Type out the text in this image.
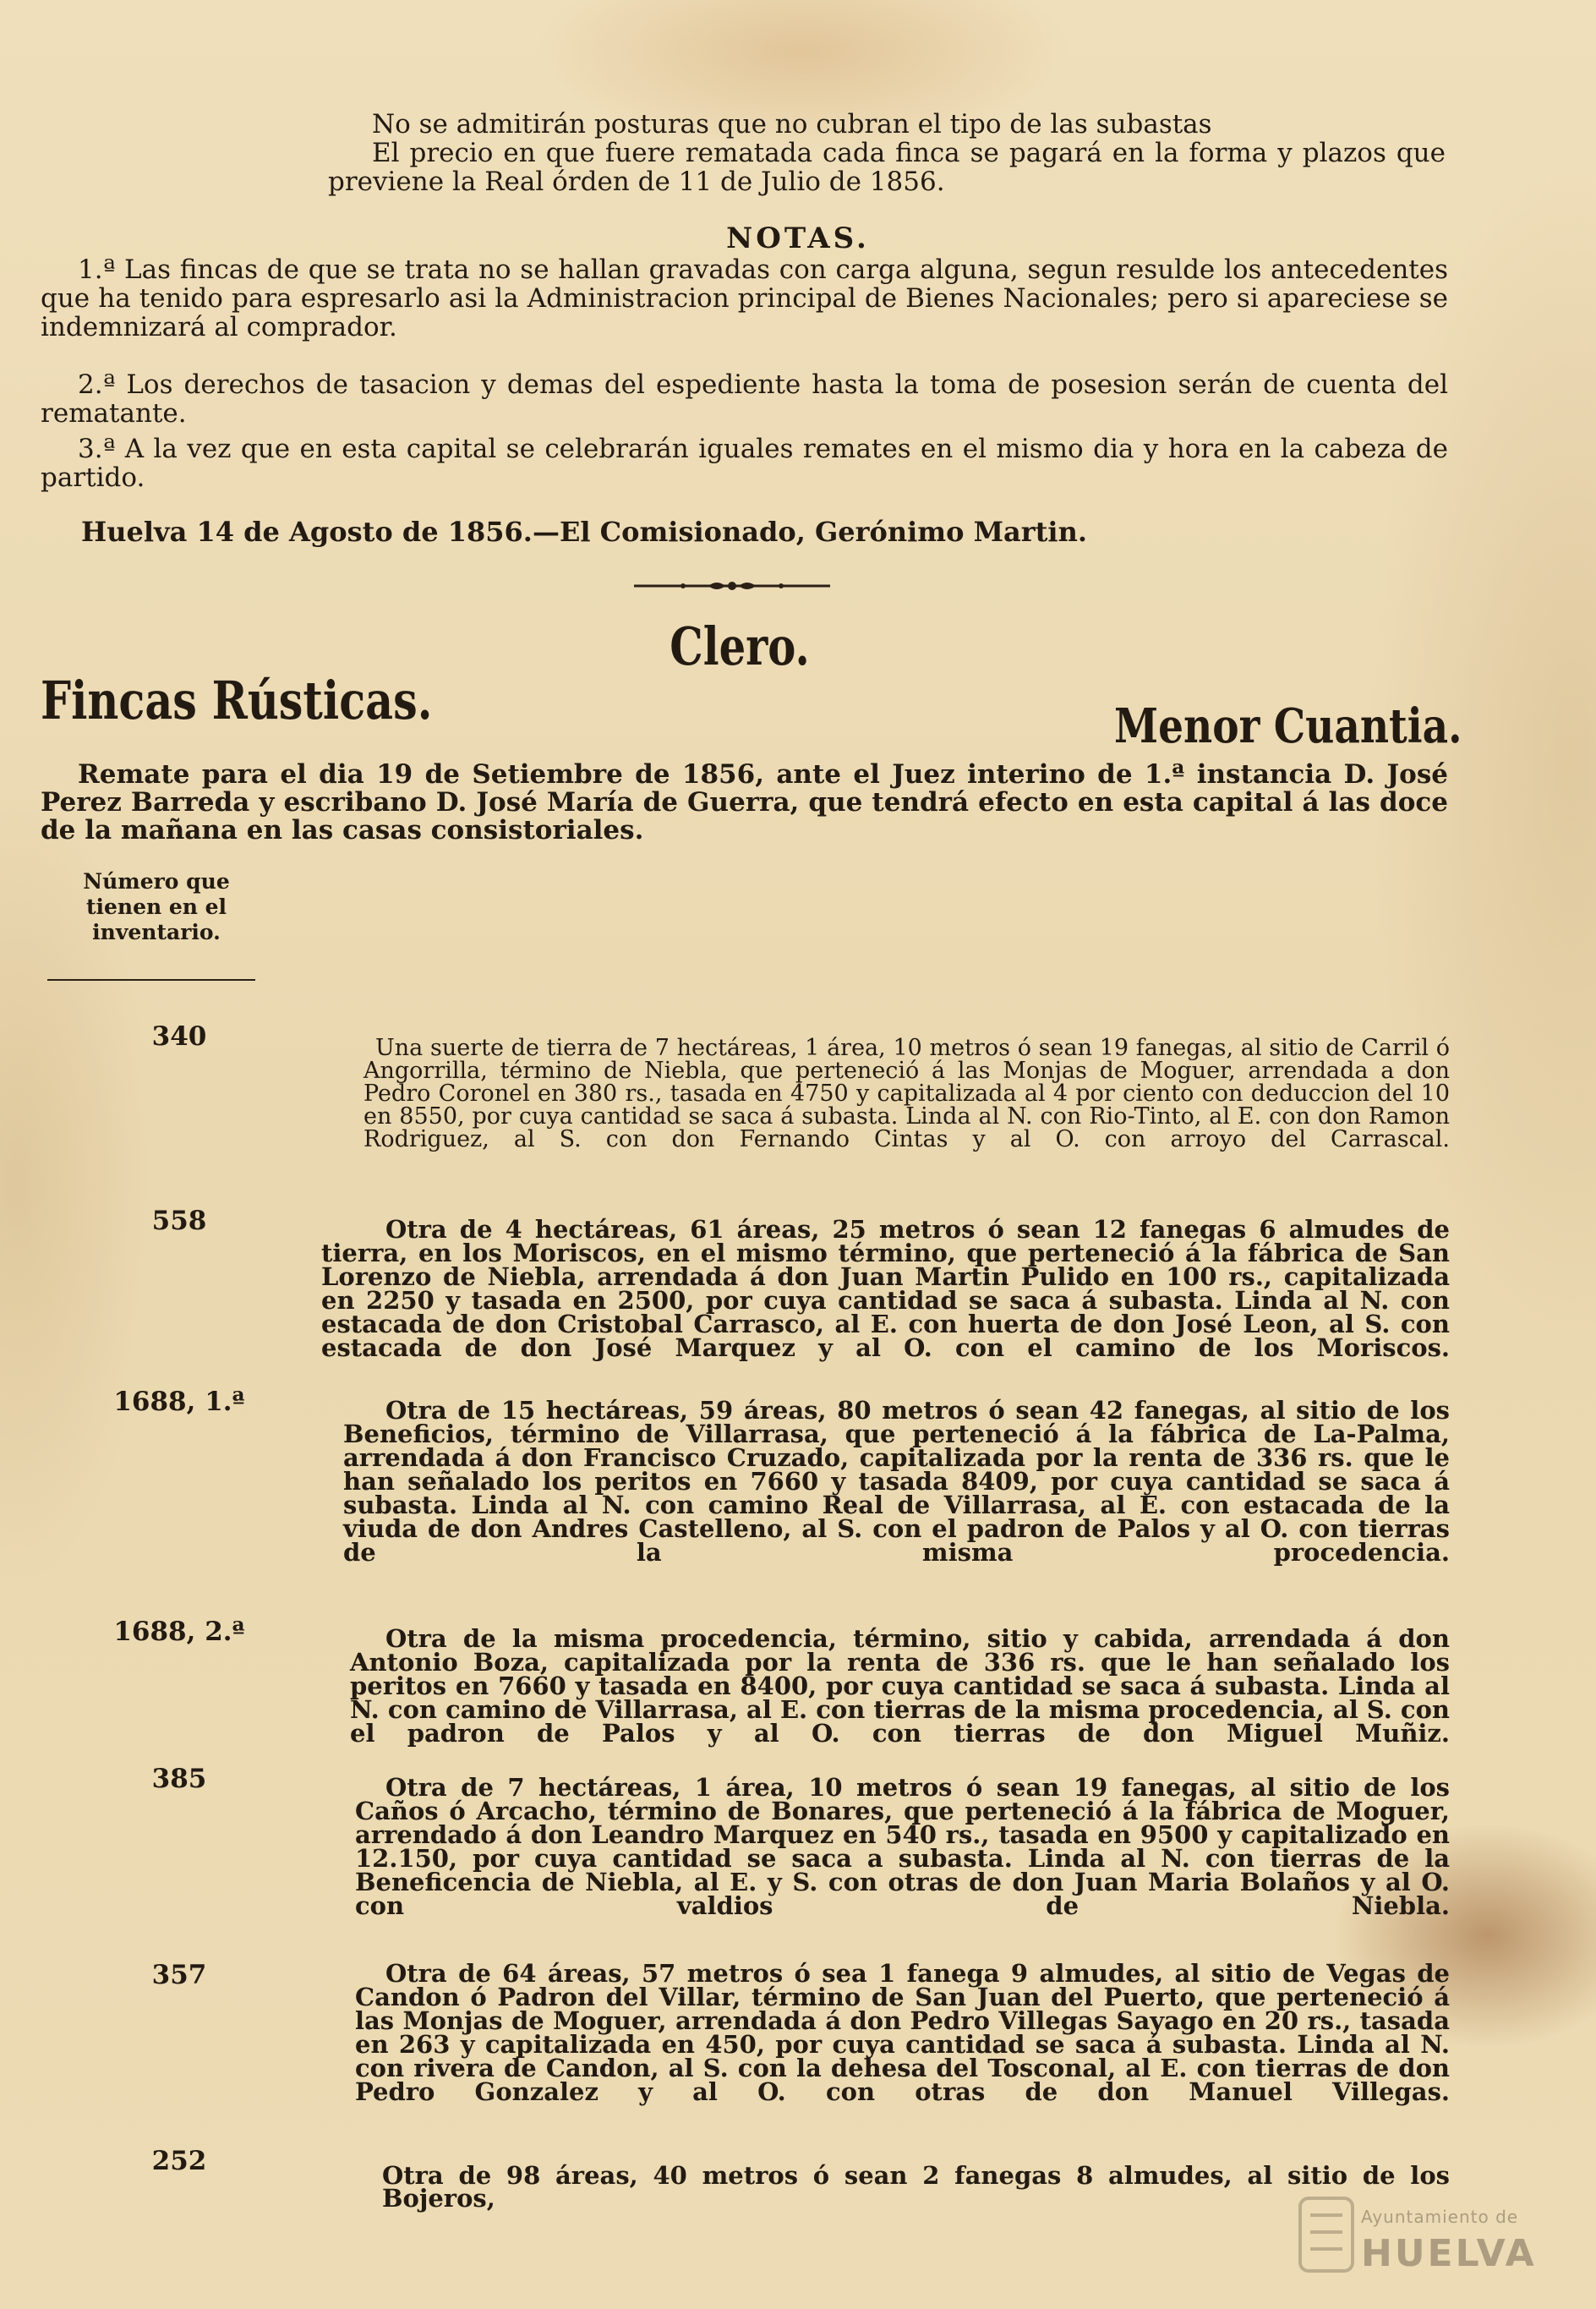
No se admitirán posturas que no cubran el tipo de las subastas

El precio en que fuere rematada cada finca se pagará en la forma y plazos que previene la Real órden de 11 de Julio de 1856.

NOTAS.

1.ª Las fincas de que se trata no se hallan gravadas con carga alguna, segun resulde los antecedentes que ha tenido para espresarlo asi la Administracion principal de Bienes Nacionales; pero si apareciese se indemnizará al comprador.

2.ª Los derechos de tasacion y demas del espediente hasta la toma de posesion serán de cuenta del rematante.

3.ª A la vez que en esta capital se celebrarán iguales remates en el mismo dia y hora en la cabeza de partido.

Huelva 14 de Agosto de 1856.—El Comisionado, Gerónimo Martin.

Clero.

Fincas Rústicas.	Menor Cuantia.

Remate para el dia 19 de Setiembre de 1856, ante el Juez interino de 1.ª instancia D. José Perez Barreda y escribano D. José María de Guerra, que tendrá efecto en esta capital á las doce de la mañana en las casas consistoriales.

Número que tienen en el inventario.

340	Una suerte de tierra de 7 hectáreas, 1 área, 10 metros ó sean 19 fanegas, al sitio de Carril ó Angorrilla, término de Niebla, que perteneció á las Monjas de Moguer, arrendada a don Pedro Coronel en 380 rs., tasada en 4750 y capitalizada al 4 por ciento con deduccion del 10 en 8550, por cuya cantidad se saca á subasta. Linda al N. con Rio-Tinto, al E. con don Ramon Rodriguez, al S. con don Fernando Cintas y al O. con arroyo del Carrascal.

558	Otra de 4 hectáreas, 61 áreas, 25 metros ó sean 12 fanegas 6 almudes de tierra, en los Moriscos, en el mismo término, que perteneció á la fábrica de San Lorenzo de Niebla, arrendada á don Juan Martin Pulido en 100 rs., capitalizada en 2250 y tasada en 2500, por cuya cantidad se saca á subasta. Linda al N. con estacada de don Cristobal Carrasco, al E. con huerta de don José Leon, al S. con estacada de don José Marquez y al O. con el camino de los Moriscos.

1688, 1.ª	Otra de 15 hectáreas, 59 áreas, 80 metros ó sean 42 fanegas, al sitio de los Beneficios, término de Villarrasa, que perteneció á la fábrica de La-Palma, arrendada á don Francisco Cruzado, capitalizada por la renta de 336 rs. que le han señalado los peritos en 7660 y tasada 8409, por cuya cantidad se saca á subasta. Linda al N. con camino Real de Villarrasa, al E. con estacada de la viuda de don Andres Castelleno, al S. con el padron de Palos y al O. con tierras de la misma procedencia.

1688, 2.ª	Otra de la misma procedencia, término, sitio y cabida, arrendada á don Antonio Boza, capitalizada por la renta de 336 rs. que le han señalado los peritos en 7660 y tasada en 8400, por cuya cantidad se saca á subasta. Linda al N. con camino de Villarrasa, al E. con tierras de la misma procedencia, al S. con el padron de Palos y al O. con tierras de don Miguel Muñiz.

385	Otra de 7 hectáreas, 1 área, 10 metros ó sean 19 fanegas, al sitio de los Caños ó Arcacho, término de Bonares, que perteneció á la fábrica de Moguer, arrendado á don Leandro Marquez en 540 rs., tasada en 9500 y capitalizado en 12.150, por cuya cantidad se saca a subasta. Linda al N. con tierras de la Beneficencia de Niebla, al E. y S. con otras de don Juan Maria Bolaños y al O. con valdios de Niebla.

357	Otra de 64 áreas, 57 metros ó sea 1 fanega 9 almudes, al sitio de Vegas de Candon ó Padron del Villar, término de San Juan del Puerto, que perteneció á las Monjas de Moguer, arrendada á don Pedro Villegas Sayago en 20 rs., tasada en 263 y capitalizada en 450, por cuya cantidad se saca á subasta. Linda al N. con rivera de Candon, al S. con la dehesa del Tosconal, al E. con tierras de don Pedro Gonzalez y al O. con otras de don Manuel Villegas.

252	Otra de 98 áreas, 40 metros ó sean 2 fanegas 8 almudes, al sitio de los Bojeros,

Ayuntamiento de

HUELVA
